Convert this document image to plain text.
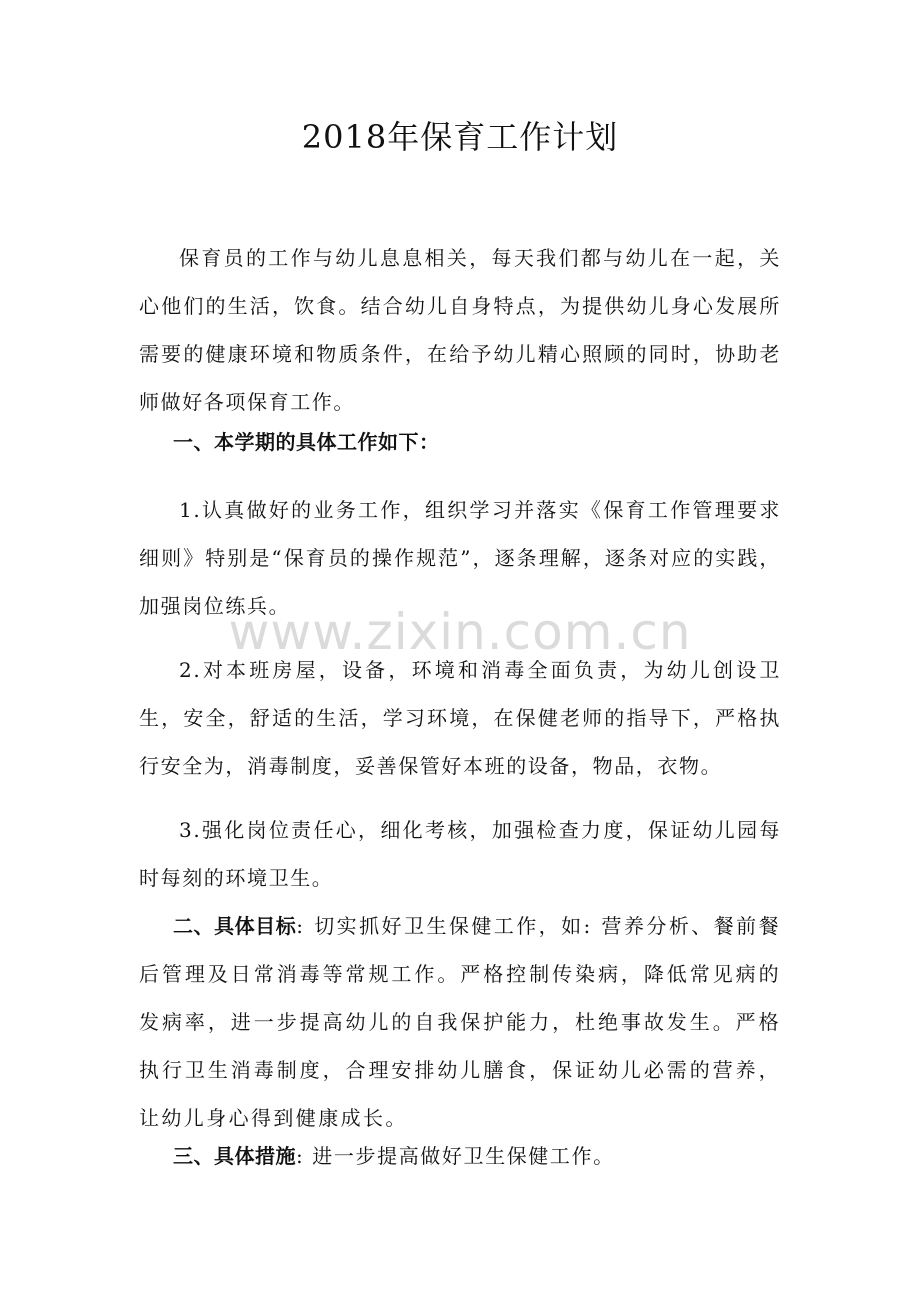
2018年保育工作计划

保育员的工作与幼儿息息相关，每天我们都与幼儿在一起，关心他们的生活，饮食。结合幼儿自身特点，为提供幼儿身心发展所需要的健康环境和物质条件，在给予幼儿精心照顾的同时，协助老师做好各项保育工作。

一、本学期的具体工作如下：

1.认真做好的业务工作，组织学习并落实《保育工作管理要求细则》特别是“保育员的操作规范”，逐条理解，逐条对应的实践，加强岗位练兵。

2.对本班房屋，设备，环境和消毒全面负责，为幼儿创设卫生，安全，舒适的生活，学习环境，在保健老师的指导下，严格执行安全为，消毒制度，妥善保管好本班的设备，物品，衣物。

3.强化岗位责任心，细化考核，加强检查力度，保证幼儿园每时每刻的环境卫生。

二、具体目标: 切实抓好卫生保健工作，如: 营养分析、餐前餐后管理及日常消毒等常规工作。严格控制传染病，降低常见病的发病率，进一步提高幼儿的自我保护能力，杜绝事故发生。严格执行卫生消毒制度，合理安排幼儿膳食，保证幼儿必需的营养，让幼儿身心得到健康成长。

三、具体措施: 进一步提高做好卫生保健工作。

www.zixin.com.cn
